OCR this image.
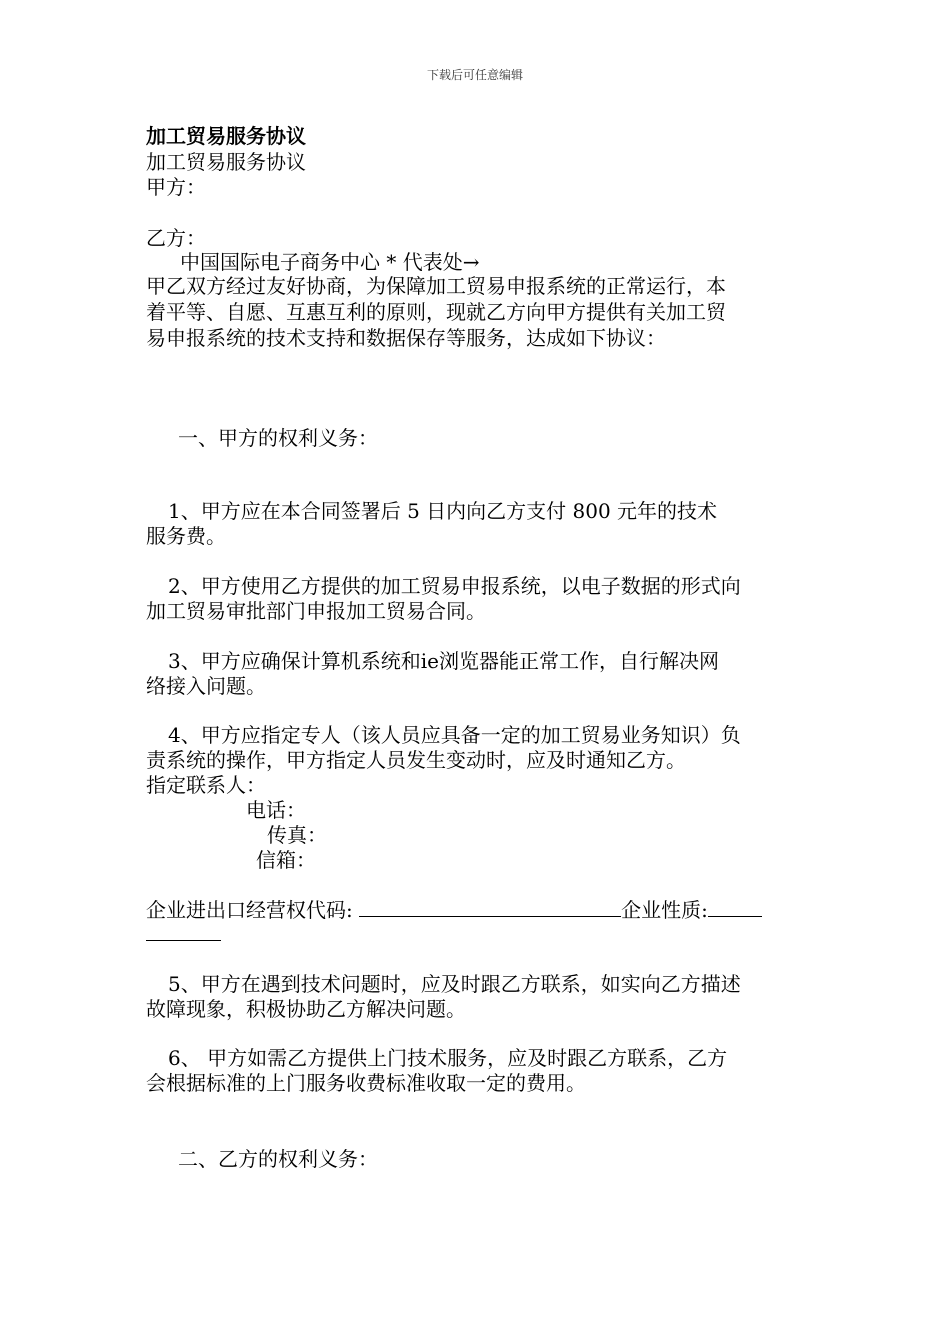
下载后可任意编辑
加工贸易服务协议
加工贸易服务协议
甲方：
乙方：
中国国际电子商务中心 * 代表处→
甲乙双方经过友好协商，为保障加工贸易申报系统的正常运行，本
着平等、自愿、互惠互利的原则，现就乙方向甲方提供有关加工贸
易申报系统的技术支持和数据保存等服务，达成如下协议：
一、甲方的权利义务：
1、甲方应在本合同签署后 5 日内向乙方支付 800 元年的技术
服务费。
2、甲方使用乙方提供的加工贸易申报系统，以电子数据的形式向
加工贸易审批部门申报加工贸易合同。
3、甲方应确保计算机系统和ie浏览器能正常工作，自行解决网
络接入问题。
4、甲方应指定专人（该人员应具备一定的加工贸易业务知识）负
责系统的操作，甲方指定人员发生变动时，应及时通知乙方。
指定联系人：
电话：
传真：
信箱：
企业进出口经营权代码:	企业性质:
5、甲方在遇到技术问题时，应及时跟乙方联系，如实向乙方描述
故障现象，积极协助乙方解决问题。
6、 甲方如需乙方提供上门技术服务，应及时跟乙方联系，乙方
会根据标准的上门服务收费标准收取一定的费用。
二、乙方的权利义务：
